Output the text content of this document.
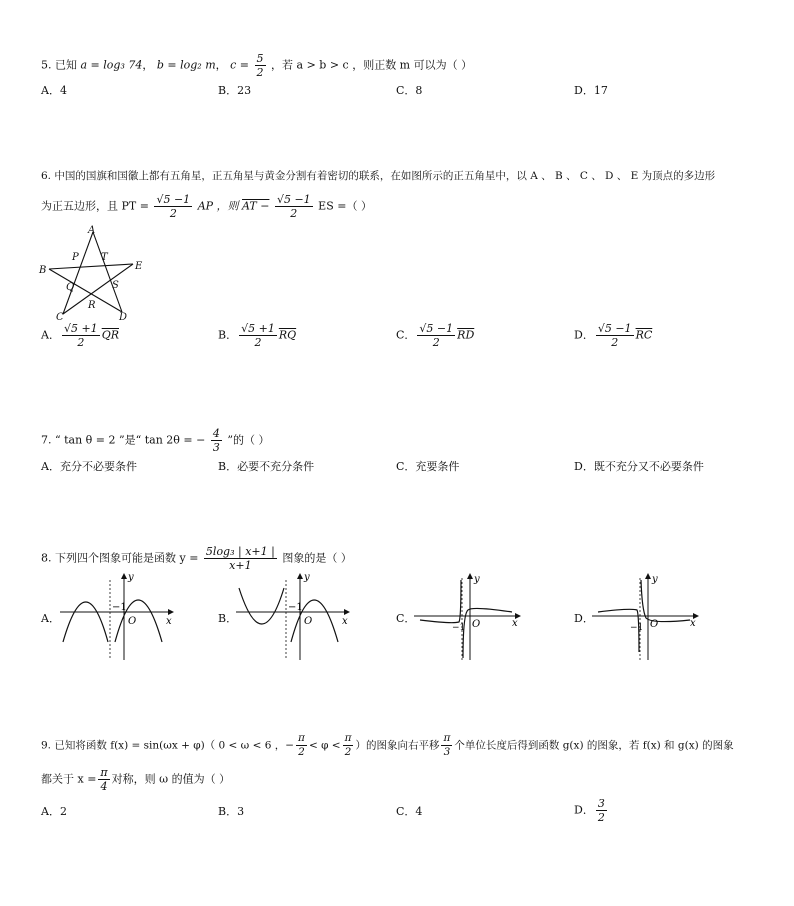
5. 已知 a = log₃ 74， b = log₂ m， $c = \frac{5}{2}$ ，若 a > b > c ，则正数 m 可以为（ ）
A．4	B．23	C．8	D．17
6. 中国的国旗和国徽上都有五角星，正五角星与黄金分割有着密切的联系，在如图所示的正五角星中，以 A 、 B 、 C 、 D 、 E 为顶点的多边形
为正五边形，且 PT = $\frac{√5 -1}{2}$ AP ，则 AT − $\frac{√5 -1}{2}$ ES =（ ）
A
B	E
P T
Q	S
R
C	D
A． $\frac{√5 +1}{2} \overline{QR}$	B． $\frac{√5 +1}{2} \overline{RQ}$	C． $\frac{√5 -1}{2} \overline{RD}$	D． $\frac{√5 -1}{2} \overline{RC}$
7. “ tan θ = 2 ”是“ tan 2θ = − $\frac{4}{3}$ ”的（ ）
A．充分不必要条件	B．必要不充分条件	C．充要条件	D．既不充分又不必要条件
8. 下列四个图象可能是函数 $y = \frac{\text{5log₃ | x+1 |}}{x+1}$ 图象的是（ ）
A．	B．	C．	D．
−1
O
y
x
−1
O
y
x
−1 O
y
x	−1 O
y
x
9. 已知将函数 f(x) = sin(ωx + φ)（ 0 < ω < 6 ，− $\frac{\pi}{2} < \varphi < \frac{\pi}{2}$ ）的图象向右平移 $\frac{\pi}{3}$ 个单位长度后得到函数 g(x) 的图象，若 f(x) 和 g(x) 的图象
都关于 $x = \frac{\pi}{4}$ 对称，则 ω 的值为（ ）
A．2	B．3	C．4	D． $\frac{3}{2}$
